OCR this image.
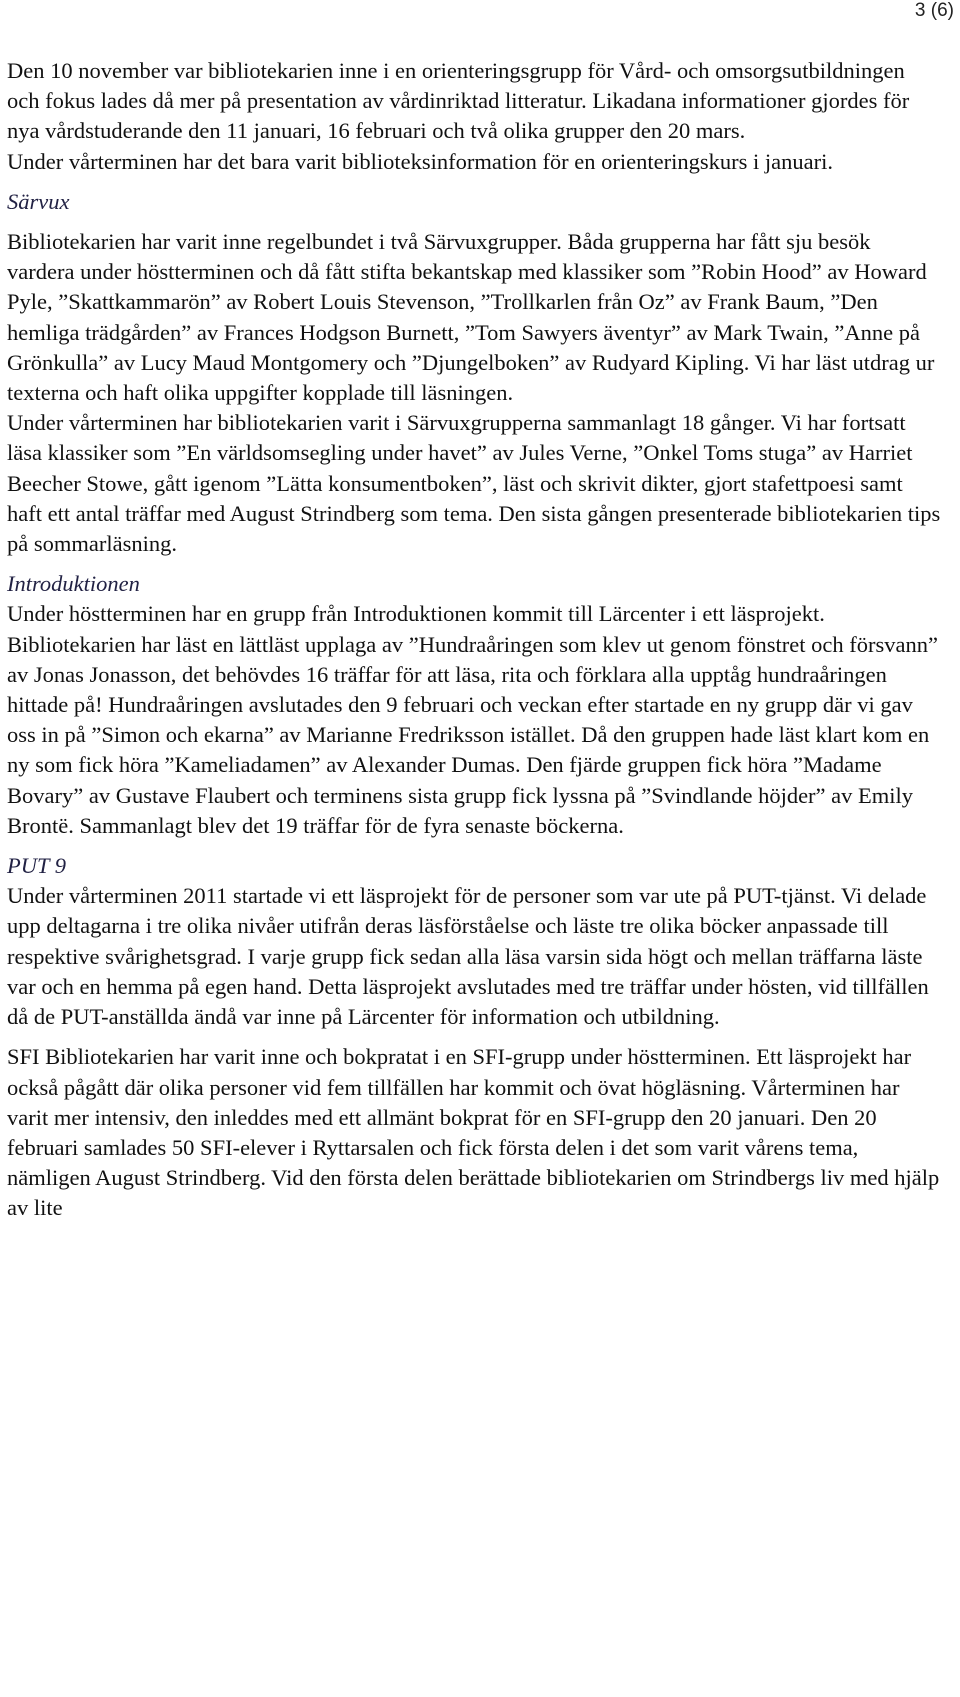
3 (6)

Den 10 november var bibliotekarien inne i en orienteringsgrupp för Vård- och omsorgsutbildningen och fokus lades då mer på presentation av vårdinriktad litteratur. Likadana informationer gjordes för nya vårdstuderande den 11 januari, 16 februari och två olika grupper den 20 mars.

Under vårterminen har det bara varit biblioteksinformation för en orienteringskurs i januari.

Särvux

Bibliotekarien har varit inne regelbundet i två Särvuxgrupper. Båda grupperna har fått sju besök vardera under höstterminen och då fått stifta bekantskap med klassiker som ”Robin Hood” av Howard Pyle, ”Skattkammarön” av Robert Louis Stevenson, ”Trollkarlen från Oz” av Frank Baum, ”Den hemliga trädgården” av Frances Hodgson Burnett, ”Tom Sawyers äventyr” av Mark Twain, ”Anne på Grönkulla” av Lucy Maud Montgomery och ”Djungelboken” av Rudyard Kipling. Vi har läst utdrag ur texterna och haft olika uppgifter kopplade till läsningen.

Under vårterminen har bibliotekarien varit i Särvuxgrupperna sammanlagt 18 gånger. Vi har fortsatt läsa klassiker som ”En världsomsegling under havet” av Jules Verne, ”Onkel Toms stuga” av Harriet Beecher Stowe, gått igenom ”Lätta konsumentboken”, läst och skrivit dikter, gjort stafettpoesi samt haft ett antal träffar med August Strindberg som tema. Den sista gången presenterade bibliotekarien tips på sommarläsning.

Introduktionen

Under höstterminen har en grupp från Introduktionen kommit till Lärcenter i ett läsprojekt. Bibliotekarien har läst en lättläst upplaga av ”Hundraåringen som klev ut genom fönstret och försvann” av Jonas Jonasson, det behövdes 16 träffar för att läsa, rita och förklara alla upptåg hundraåringen hittade på! Hundraåringen avslutades den 9 februari och veckan efter startade en ny grupp där vi gav oss in på ”Simon och ekarna” av Marianne Fredriksson istället. Då den gruppen hade läst klart kom en ny som fick höra ”Kameliadamen” av Alexander Dumas. Den fjärde gruppen fick höra ”Madame Bovary” av Gustave Flaubert och terminens sista grupp fick lyssna på ”Svindlande höjder” av Emily Brontë. Sammanlagt blev det 19 träffar för de fyra senaste böckerna.

PUT 9

Under vårterminen 2011 startade vi ett läsprojekt för de personer som var ute på PUT-tjänst. Vi delade upp deltagarna i tre olika nivåer utifrån deras läsförståelse och läste tre olika böcker anpassade till respektive svårighetsgrad. I varje grupp fick sedan alla läsa varsin sida högt och mellan träffarna läste var och en hemma på egen hand. Detta läsprojekt avslutades med tre träffar under hösten, vid tillfällen då de PUT-anställda ändå var inne på Lärcenter för information och utbildning.

SFI Bibliotekarien har varit inne och bokpratat i en SFI-grupp under höstterminen. Ett läsprojekt har också pågått där olika personer vid fem tillfällen har kommit och övat högläsning. Vårterminen har varit mer intensiv, den inleddes med ett allmänt bokprat för en SFI-grupp den 20 januari. Den 20 februari samlades 50 SFI-elever i Ryttarsalen och fick första delen i det som varit vårens tema, nämligen August Strindberg. Vid den första delen berättade bibliotekarien om Strindbergs liv med hjälp av lite
